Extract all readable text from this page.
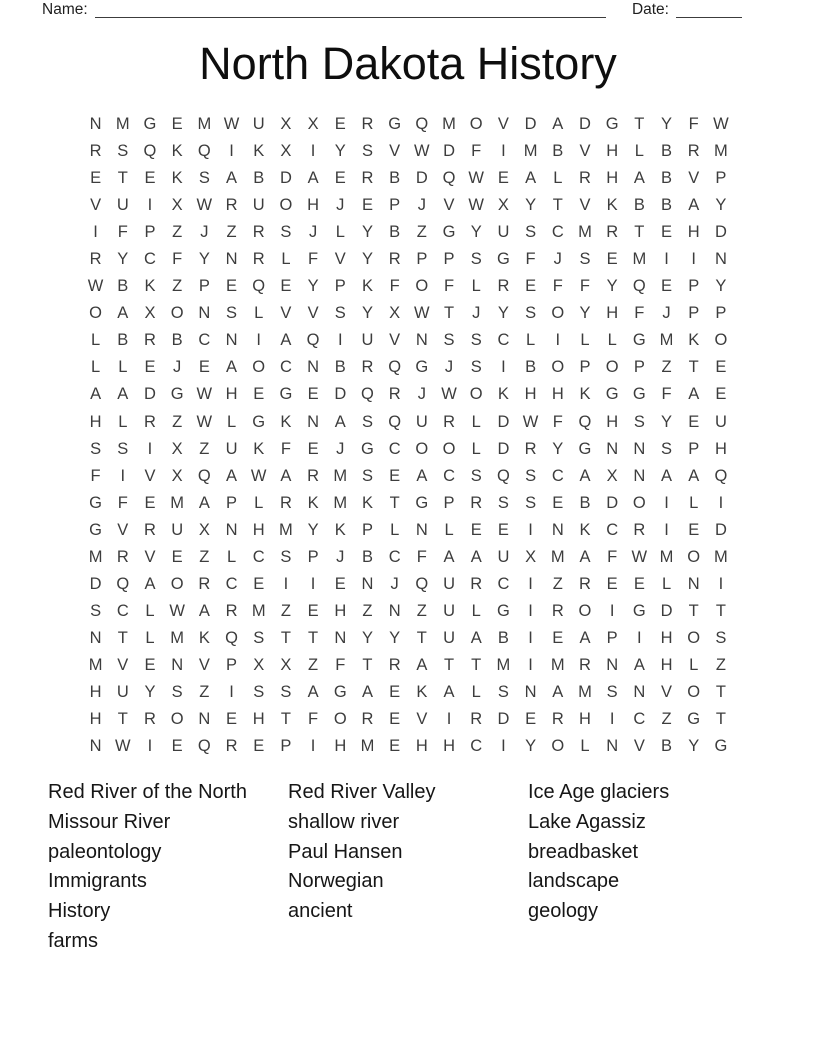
Name:	Date:
North Dakota History
N M G E M W U X X E R G Q M O V D A D G T	Y	F W
R S Q K Q	I	K X	I	Y S V W D F	I	M B V H	L	B R M
E	T	E K S A B D A E R B D Q W E A	L	R H A B V P
V U	I	X W R U O H	J	E P	J	V W X Y	T	V K B B A Y
I	F	P	Z	J	Z R S	J	L	Y B	Z G Y U S C M R T	E H D
R Y C F	Y N R	L	F	V Y R P P S G F	J	S E M	I	I	N
W B K	Z	P E Q E Y P K	F O F	L	R E	F	F	Y Q E P Y
O A X O N S	L	V V S Y X W T	J	Y S O Y H F	J	P P
L	B R B C N	I	A Q	I	U V N S S C	L	I	L	L G M K O
L	L	E	J	E A O C N B R Q G	J	S	I	B O P O P	Z	T	E
A A D G W H E G E D Q R	J W O K H H K G G F	A E
H	L	R Z W L G K N A S Q U R	L	D W F Q H S Y E U
S S	I	X	Z U K	F	E	J	G C O O L	D R Y G N N S P H
F	I	V X Q A W A R M S E A C S Q S C A X N A A Q
G F	E M A P	L	R K M K	T G P R S S E B D O	I	L	I
G V R U X N H M Y K P	L	N	L	E E	I	N K C R	I	E D
M R V E	Z	L	C S P	J	B C F	A A U X M A	F W M O M
D Q A O R C E	I	I	E N	J	Q U R C	I	Z R E E	L	N	I
S C	L W A R M Z	E H Z N Z U	L G	I	R O	I	G D T	T
N T	L M K Q S	T	T N Y Y	T U A B	I	E A P	I	H O S
M V E N V P X X	Z	F	T R A	T	T M	I	M R N A H	L	Z
H U Y S	Z	I	S S A G A E K A	L	S N A M S N V O T
H T R O N E H T	F O R E V	I	R D E R H	I	C Z G T
N W	I	E Q R E P	I	H M E H H C	I	Y O L	N V B Y G
Red River of the North
Missour River
paleontology
Immigrants
History
farms
Red River Valley
shallow river
Paul Hansen
Norwegian
ancient
Ice Age glaciers
Lake Agassiz
breadbasket
landscape
geology
